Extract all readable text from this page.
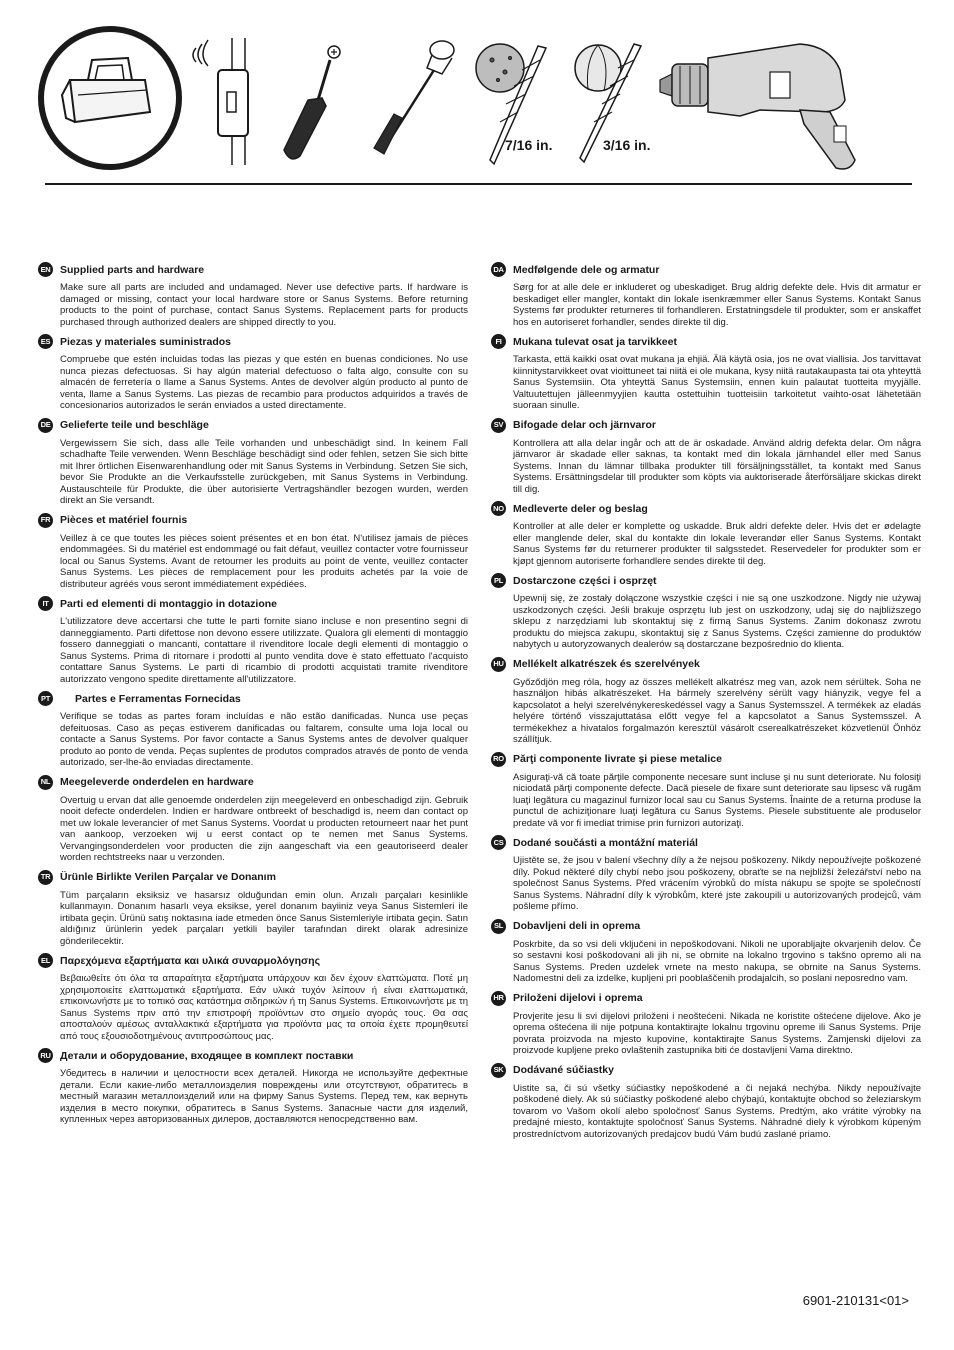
7/16 in.	3/16 in.
EN Supplied parts and hardware
Make sure all parts are included and undamaged. Never use defective parts. If hardware is damaged or missing, contact your local hardware store or Sanus Systems. Before returning products to the point of purchase, contact Sanus Systems. Replacement parts for products purchased through authorized dealers are shipped directly to you.
ES Piezas y materiales suministrados
Compruebe que estén incluidas todas las piezas y que estén en buenas condiciones. No use nunca piezas defectuosas. Si hay algún material defectuoso o falta algo, consulte con su almacén de ferretería o llame a Sanus Systems. Antes de devolver algún producto al punto de venta, llame a Sanus Systems. Las piezas de recambio para productos adquiridos a través de concesionarios autorizados le serán enviados a usted directamente.
DE Gelieferte teile und beschläge
Vergewissern Sie sich, dass alle Teile vorhanden und unbeschädigt sind. In keinem Fall schadhafte Teile verwenden. Wenn Beschläge beschädigt sind oder fehlen, setzen Sie sich bitte mit Ihrer örtlichen Eisenwarenhandlung oder mit Sanus Systems in Verbindung. Setzen Sie sich, bevor Sie Produkte an die Verkaufsstelle zurückgeben, mit Sanus Systems in Verbindung. Austauschteile für Produkte, die über autorisierte Vertragshändler bezogen wurden, werden direkt an Sie versandt.
FR Pièces et matériel fournis
Veillez à ce que toutes les pièces soient présentes et en bon état. N'utilisez jamais de pièces endommagées. Si du matériel est endommagé ou fait défaut, veuillez contacter votre fournisseur local ou Sanus Systems. Avant de retourner les produits au point de vente, veuillez contacter Sanus Systems. Les pièces de remplacement pour les produits achetés par la voie de distributeur agréés vous seront immédiatement expédiées.
IT	Parti ed elementi di montaggio in dotazione
L'utilizzatore deve accertarsi che tutte le parti fornite siano incluse e non presentino segni di danneggiamento. Parti difettose non devono essere utilizzate. Qualora gli elementi di montaggio fossero danneggiati o mancanti, contattare il rivenditore locale degli elementi di montaggio o Sanus Systems. Prima di ritornare i prodotti al punto vendita dove è stato effettuato l'acquisto contattare Sanus Systems. Le parti di ricambio di prodotti acquistati tramite rivenditore autorizzato vengono spedite direttamente all'utilizzatore.
PT	Partes e Ferramentas Fornecidas
Verifique se todas as partes foram incluídas e não estão danificadas. Nunca use peças defeituosas. Caso as peças estiverem danificadas ou faltarem, consulte uma loja local ou contacte a Sanus Systems. Por favor contacte a Sanus Systems antes de devolver qualquer produto ao ponto de venda. Peças suplentes de produtos comprados através de ponto de venda autorizado, ser-lhe-ão enviadas directamente.
NL Meegeleverde onderdelen en hardware
Overtuig u ervan dat alle genoemde onderdelen zijn meegeleverd en onbeschadigd zijn. Gebruik nooit defecte onderdelen. Indien er hardware ontbreekt of beschadigd is, neem dan contact op met uw lokale leverancier of met Sanus Systems. Voordat u producten retourneert naar het punt van aankoop, verzoeken wij u eerst contact op te nemen met Sanus Systems. Vervangingsonderdelen voor producten die zijn aangeschaft via een geautoriseerd dealer worden rechtstreeks naar u verzonden.
TR Ürünle Birlikte Verilen Parçalar ve Donanım
Tüm parçaların eksiksiz ve hasarsız olduğundan emin olun. Arızalı parçaları kesinlikle kullanmayın. Donanım hasarlı veya eksikse, yerel donanım bayiiniz veya Sanus Sistemleri ile irtibata geçin. Ürünü satış noktasına iade etmeden önce Sanus Sistemleriyle irtibata geçin. Satın aldığınız ürünlerin yedek parçaları yetkili bayiler tarafından direkt olarak adresinize gönderilecektir.
EL Παρεχόμενα εξαρτήματα και υλικά συναρμολόγησης
Βεβαιωθείτε ότι όλα τα απαραίτητα εξαρτήματα υπάρχουν και δεν έχουν ελαττώματα. Ποτέ μη χρησιμοποιείτε ελαττωματικά εξαρτήματα. Εάν υλικά τυχόν λείπουν ή είναι ελαττωματικά, επικοινωνήστε με το τοπικό σας κατάστημα σιδηρικών ή τη Sanus Systems. Επικοινωνήστε με τη Sanus Systems πριν από την επιστροφή προϊόντων στο σημείο αγοράς τους. Θα σας αποσταλούν αμέσως ανταλλακτικά εξαρτήματα για προϊόντα μας τα οποία έχετε προμηθευτεί από τους εξουσιοδοτημένους αντιπροσώπους μας.
RU Детали и оборудование, входящее в комплект поставки
Убедитесь в наличии и целостности всех деталей. Никогда не используйте дефектные детали. Если какие-либо металлоизделия повреждены или отсутствуют, обратитесь в местный магазин металлоизделий или на фирму Sanus Systems. Перед тем, как вернуть изделия в место покупки, обратитесь в Sanus Systems. Запасные части для изделий, купленных через авторизованных дилеров, доставляются непосредственно вам.
DA Medfølgende dele og armatur
Sørg for at alle dele er inkluderet og ubeskadiget. Brug aldrig defekte dele. Hvis dit armatur er beskadiget eller mangler, kontakt din lokale isenkræmmer eller Sanus Systems. Kontakt Sanus Systems før produkter returneres til forhandleren. Erstatningsdele til produkter, som er anskaffet hos en autoriseret forhandler, sendes direkte til dig.
FI	Mukana tulevat osat ja tarvikkeet
Tarkasta, että kaikki osat ovat mukana ja ehjiä. Älä käytä osia, jos ne ovat viallisia. Jos tarvittavat kiinnitystarvikkeet ovat vioittuneet tai niitä ei ole mukana, kysy niitä rautakaupasta tai ota yhteyttä Sanus Systemsiin. Ota yhteyttä Sanus Systemsiin, ennen kuin palautat tuotteita myyjälle. Valtuutettujen jälleenmyyjien kautta ostettuihin tuotteisiin tarkoitetut vaihto-osat lähetetään suoraan sinulle.
SV Bifogade delar och järnvaror
Kontrollera att alla delar ingår och att de är oskadade. Använd aldrig defekta delar. Om några järnvaror är skadade eller saknas, ta kontakt med din lokala järnhandel eller med Sanus Systems. Innan du lämnar tillbaka produkter till försäljningsstället, ta kontakt med Sanus Systems. Ersättningsdelar till produkter som köpts via auktoriserade återförsäljare skickas direkt till dig.
NO Medleverte deler og beslag
Kontroller at alle deler er komplette og uskadde. Bruk aldri defekte deler. Hvis det er ødelagte eller manglende deler, skal du kontakte din lokale leverandør eller Sanus Systems. Kontakt Sanus Systems før du returnerer produkter til salgsstedet. Reservedeler for produkter som er kjøpt gjennom autoriserte forhandlere sendes direkte til deg.
PL Dostarczone części i osprzęt
Upewnij się, że zostały dołączone wszystkie części i nie są one uszkodzone. Nigdy nie używaj uszkodzonych części. Jeśli brakuje osprzętu lub jest on uszkodzony, udaj się do najbliższego sklepu z narzędziami lub skontaktuj się z firmą Sanus Systems. Zanim dokonasz zwrotu produktu do miejsca zakupu, skontaktuj się z Sanus Systems. Części zamienne do produktów nabytych u autoryzowanych dealerów są dostarczane bezpośrednio do klienta.
HU Mellékelt alkatrészek és szerelvények
Győződjön meg róla, hogy az összes mellékelt alkatrész meg van, azok nem sérültek. Soha ne használjon hibás alkatrészeket. Ha bármely szerelvény sérült vagy hiányzik, vegye fel a kapcsolatot a helyi szerelvénykereskedéssel vagy a Sanus Systemsszel. A termékek az eladás helyére történő visszajuttatása előtt vegye fel a kapcsolatot a Sanus Systemsszel. A termékekhez a hivatalos forgalmazón keresztül vásárolt cserealkatrészeket közvetlenül Önhöz szállítjuk.
RO Părţi componente livrate şi piese metalice
Asiguraţi-vă că toate părţile componente necesare sunt incluse şi nu sunt deteriorate. Nu folosiţi niciodată părţi componente defecte. Dacă piesele de fixare sunt deteriorate sau lipsesc vă rugăm luaţi legătura cu magazinul furnizor local sau cu Sanus Systems. Înainte de a returna produse la punctul de achiziţionare luaţi legătura cu Sanus Systems. Piesele substituente ale produselor predate vă vor fi imediat trimise prin furnizori autorizaţi.
CS Dodané součásti a montážní materiál
Ujistěte se, že jsou v balení všechny díly a že nejsou poškozeny. Nikdy nepoužívejte poškozené díly. Pokud některé díly chybí nebo jsou poškozeny, obraťte se na nejbližší železářství nebo na společnost Sanus Systems. Před vrácením výrobků do místa nákupu se spojte se společností Sanus Systems. Náhradní díly k výrobkům, které jste zakoupili u autorizovaných prodejců, vám pošleme přímo.
SL Dobavljeni deli in oprema
Poskrbite, da so vsi deli vključeni in nepoškodovani. Nikoli ne uporabljajte okvarjenih delov. Če so sestavni kosi poškodovani ali jih ni, se obrnite na lokalno trgovino s takšno opremo ali na Sanus Systems. Preden uzdelek vrnete na mesto nakupa, se obrnite na Sanus Systems. Nadomestni deli za izdelke, kupljeni pri pooblaščenih prodajalcih, so poslani neposredno vam.
HR Priloženi dijelovi i oprema
Provjerite jesu li svi dijelovi priloženi i neoštećeni. Nikada ne koristite oštećene dijelove. Ako je oprema oštećena ili nije potpuna kontaktirajte lokalnu trgovinu opreme ili Sanus Systems. Prije povrata proizvoda na mjesto kupovine, kontaktirajte Sanus Systems. Zamjenski dijelovi za proizvode kupljene preko ovlaštenih zastupnika biti će dostavljeni Vama direktno.
SK Dodávané súčiastky
Uistite sa, či sú všetky súčiastky nepoškodené a či nejaká nechýba. Nikdy nepoužívajte poškodené diely. Ak sú súčiastky poškodené alebo chýbajú, kontaktujte obchod so železiarskym tovarom vo Vašom okolí alebo spoločnosť Sanus Systems. Predtým, ako vrátite výrobky na predajné miesto, kontaktujte spoločnosť Sanus Systems. Náhradné diely k výrobkom kúpeným prostredníctvom autorizovaných predajcov budú Vám budú zaslané priamo.
6901-210131<01>
